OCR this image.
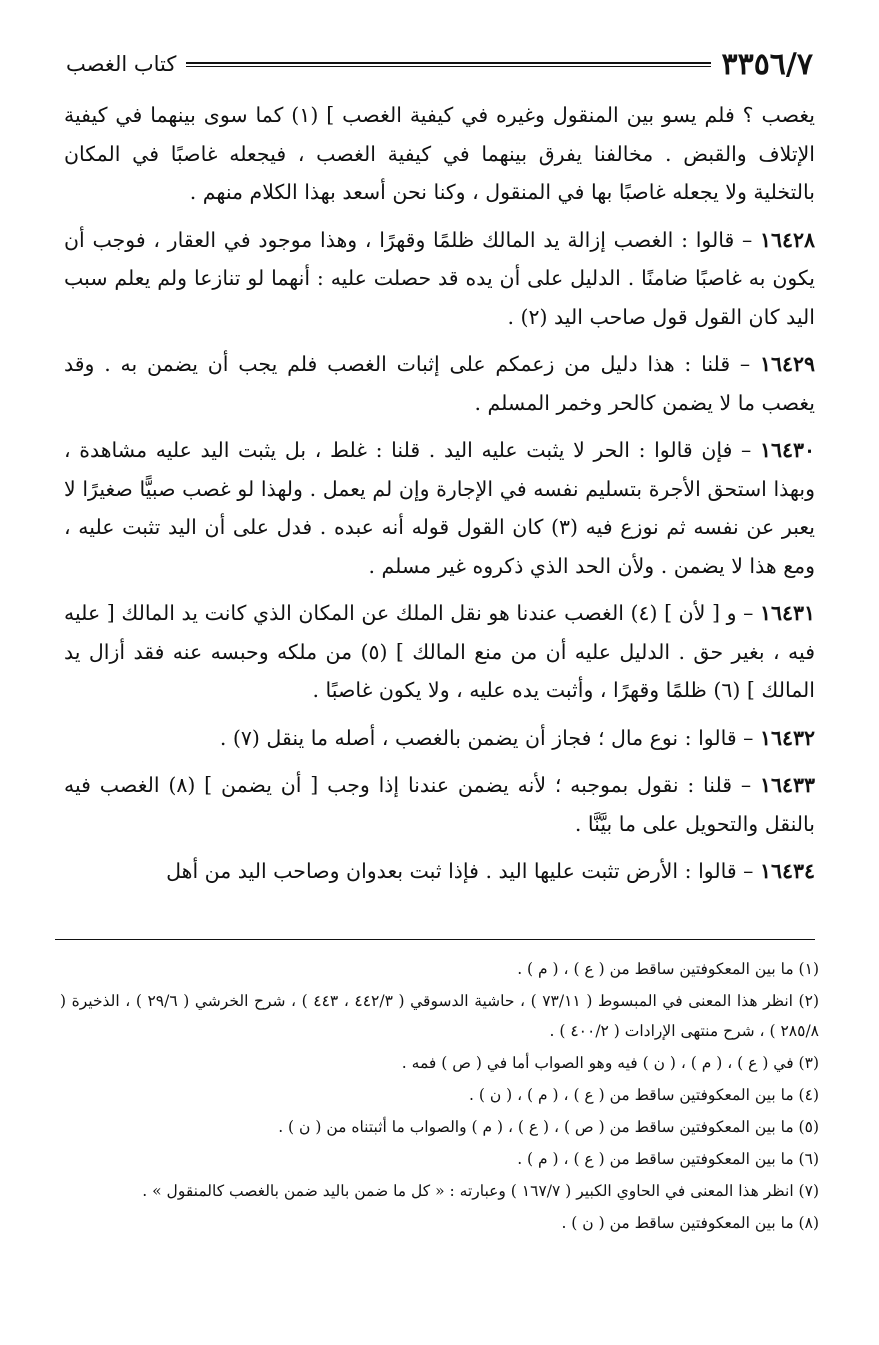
٣٣٥٦/٧
كتاب الغصب

يغصب ؟ فلم يسو بين المنقول وغيره في كيفية الغصب ] (١) كما سوى بينهما في كيفية الإتلاف والقبض . مخالفنا يفرق بينهما في كيفية الغصب ، فيجعله غاصبًا في المكان بالتخلية ولا يجعله غاصبًا بها في المنقول ، وكنا نحن أسعد بهذا الكلام منهم .

١٦٤٢٨ – قالوا : الغصب إزالة يد المالك ظلمًا وقهرًا ، وهذا موجود في العقار ، فوجب أن يكون به غاصبًا ضامنًا . الدليل على أن يده قد حصلت عليه : أنهما لو تنازعا ولم يعلم سبب اليد كان القول قول صاحب اليد (٢) .

١٦٤٢٩ – قلنا : هذا دليل من زعمكم على إثبات الغصب فلم يجب أن يضمن به . وقد يغصب ما لا يضمن كالحر وخمر المسلم .

١٦٤٣٠ – فإن قالوا : الحر لا يثبت عليه اليد . قلنا : غلط ، بل يثبت اليد عليه مشاهدة ، وبهذا استحق الأجرة بتسليم نفسه في الإجارة وإن لم يعمل . ولهذا لو غصب صبيًّا صغيرًا لا يعبر عن نفسه ثم نوزع فيه (٣) كان القول قوله أنه عبده . فدل على أن اليد تثبت عليه ، ومع هذا لا يضمن . ولأن الحد الذي ذكروه غير مسلم .

١٦٤٣١ – و [ لأن ] (٤) الغصب عندنا هو نقل الملك عن المكان الذي كانت يد المالك [ عليه فيه ، بغير حق . الدليل عليه أن من منع المالك ] (٥) من ملكه وحبسه عنه فقد أزال يد المالك ] (٦) ظلمًا وقهرًا ، وأثبت يده عليه ، ولا يكون غاصبًا .

١٦٤٣٢ – قالوا : نوع مال ؛ فجاز أن يضمن بالغصب ، أصله ما ينقل (٧) .

١٦٤٣٣ – قلنا : نقول بموجبه ؛ لأنه يضمن عندنا إذا وجب [ أن يضمن ] (٨) الغصب فيه بالنقل والتحويل على ما بيَّنَّا .

١٦٤٣٤ – قالوا : الأرض تثبت عليها اليد . فإذا ثبت بعدوان وصاحب اليد من أهل

(١) ما بين المعكوفتين ساقط من ( ع ) ، ( م ) .

(٢) انظر هذا المعنى في المبسوط ( ٧٣/١١ ) ، حاشية الدسوقي ( ٤٤٢/٣ ، ٤٤٣ ) ، شرح الخرشي ( ٢٩/٦ ) ، الذخيرة ( ٢٨٥/٨ ) ، شرح منتهى الإرادات ( ٤٠٠/٢ ) .

(٣) في ( ع ) ، ( م ) ، ( ن ) فيه وهو الصواب أما في ( ص ) فمه .

(٤) ما بين المعكوفتين ساقط من ( ع ) ، ( م ) ، ( ن ) .

(٥) ما بين المعكوفتين ساقط من ( ص ) ، ( ع ) ، ( م ) والصواب ما أثبتناه من ( ن ) .

(٦) ما بين المعكوفتين ساقط من ( ع ) ، ( م ) .

(٧) انظر هذا المعنى في الحاوي الكبير ( ١٦٧/٧ ) وعبارته : « كل ما ضمن باليد ضمن بالغصب كالمنقول » .

(٨) ما بين المعكوفتين ساقط من ( ن ) .
